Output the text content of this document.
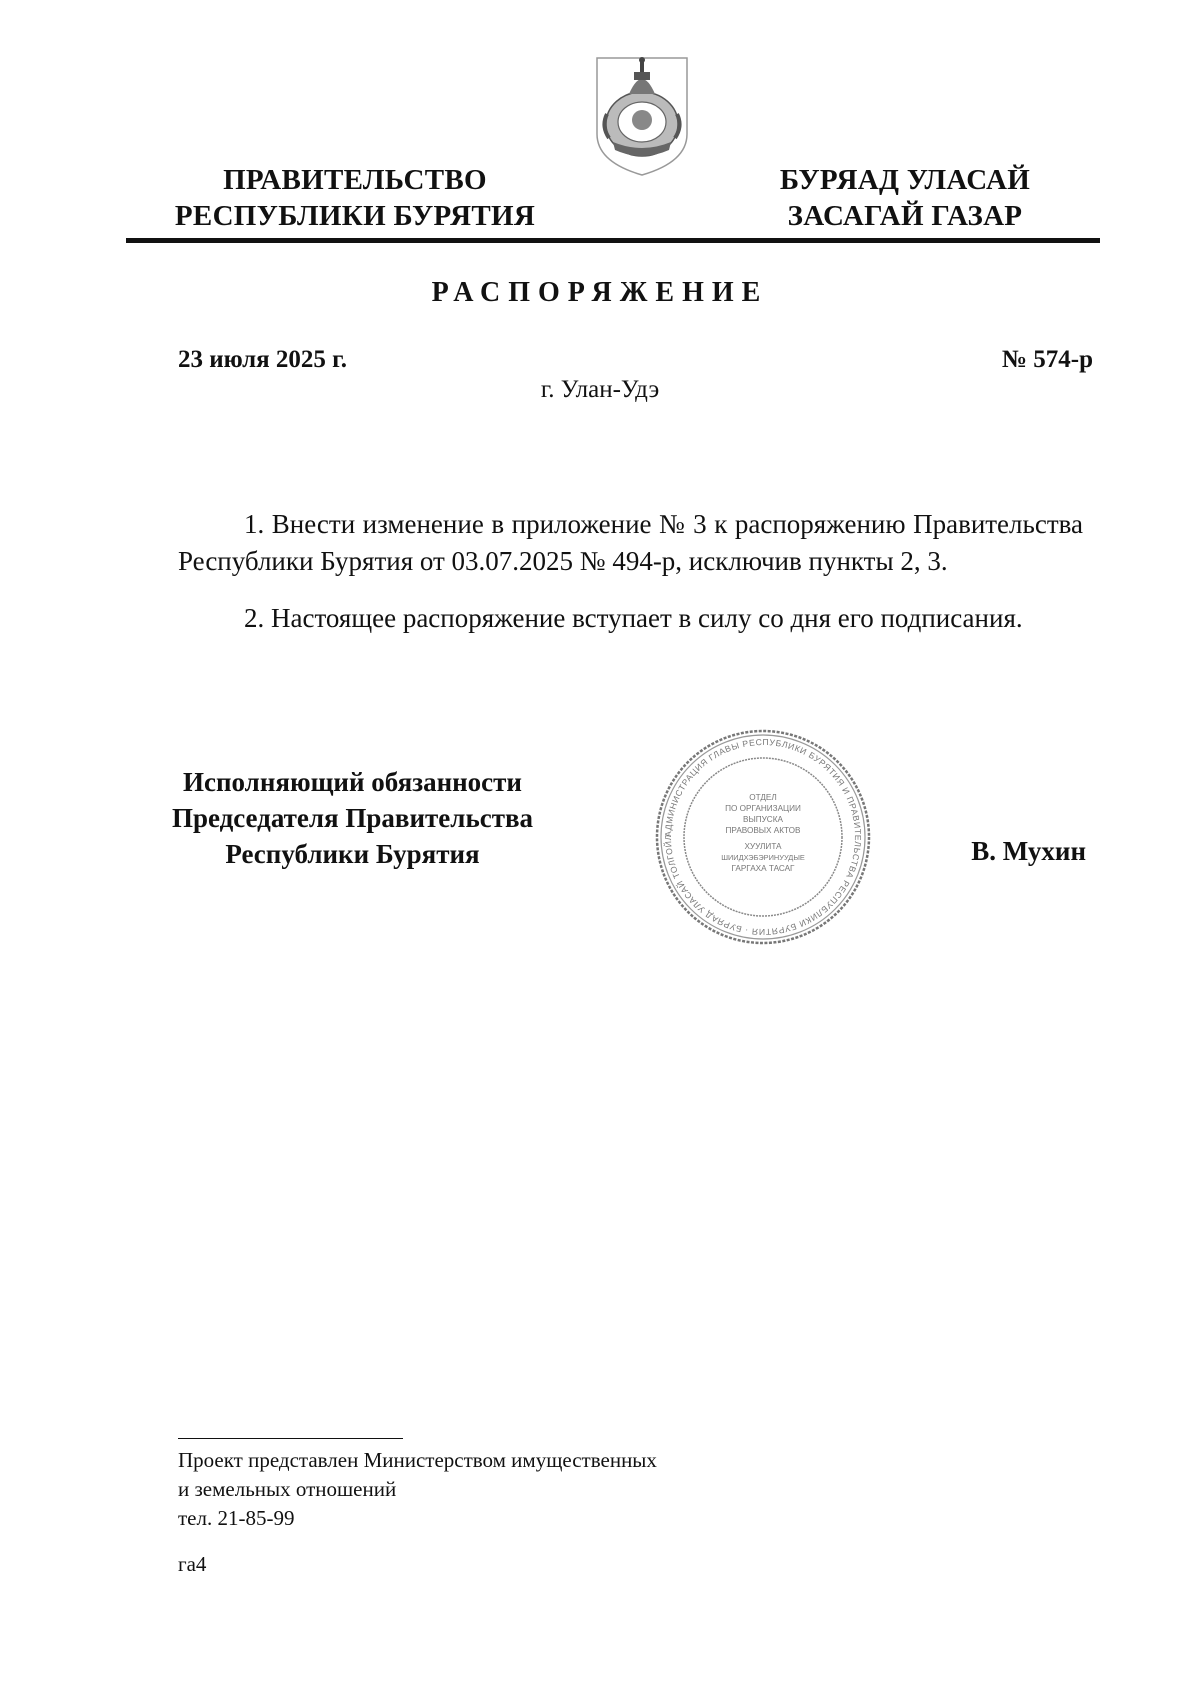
ПРАВИТЕЛЬСТВО
РЕСПУБЛИКИ БУРЯТИЯ
БУРЯАД УЛАСАЙ
ЗАСАГАЙ ГАЗАР
РАСПОРЯЖЕНИЕ
23 июля 2025 г.	№ 574-р
г. Улан-Удэ
1. Внести изменение в приложение № 3 к распоряжению Правительства Республики Бурятия от 03.07.2025 № 494-р, исключив пункты 2, 3.
2. Настоящее распоряжение вступает в силу со дня его подписания.
Исполняющий обязанности
Председателя Правительства
Республики Бурятия
АДМИНИСТРАЦИЯ ГЛАВЫ РЕСПУБЛИКИ БУРЯТИЯ И ПРАВИТЕЛЬСТВА РЕСПУБЛИКИ БУРЯТИЯ · БУРЯАД УЛАСАЙ ТОЛГОЙЛ
ОТДЕЛ
ПО ОРГАНИЗАЦИИ
ВЫПУСКА
ПРАВОВЫХ АКТОВ
ХУУЛИТА
ШИИДХЭБЭРИНУУДЫЕ
ГАРГАХА ТАСАГ
В. Мухин
Проект представлен Министерством имущественных
и земельных отношений
тел. 21-85-99
га4
